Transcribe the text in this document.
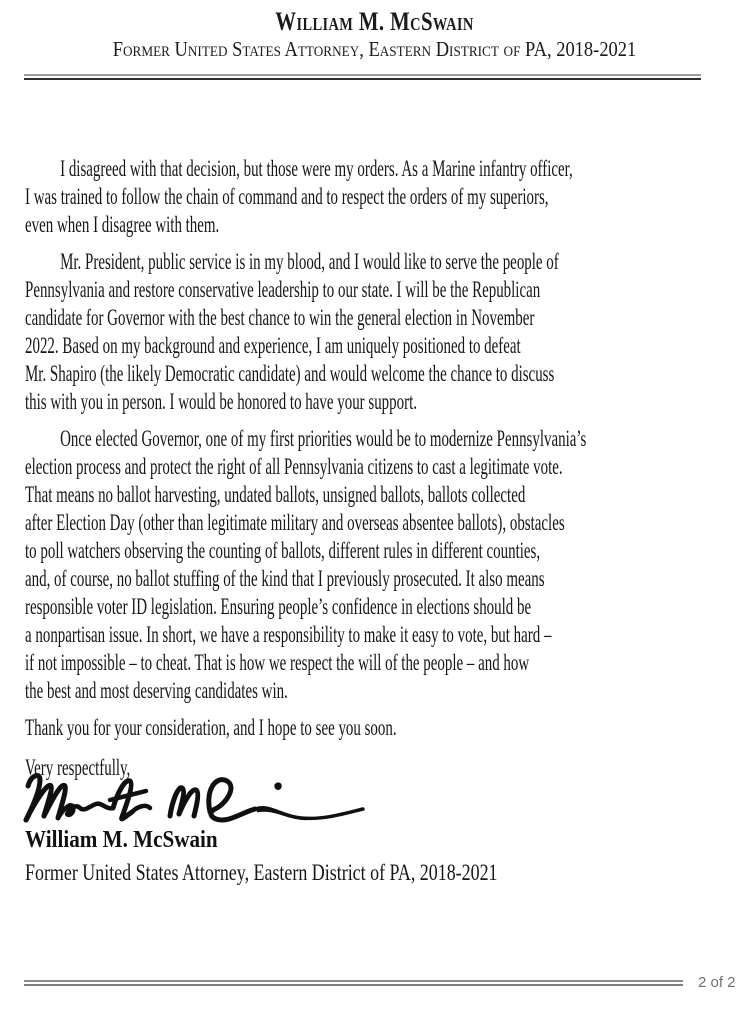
William M. McSwain
Former United States Attorney, Eastern District of PA, 2018-2021

I disagreed with that decision, but those were my orders. As a Marine infantry officer,
I was trained to follow the chain of command and to respect the orders of my superiors,
even when I disagree with them.

Mr. President, public service is in my blood, and I would like to serve the people of
Pennsylvania and restore conservative leadership to our state. I will be the Republican
candidate for Governor with the best chance to win the general election in November
2022. Based on my background and experience, I am uniquely positioned to defeat
Mr. Shapiro (the likely Democratic candidate) and would welcome the chance to discuss
this with you in person. I would be honored to have your support.

Once elected Governor, one of my first priorities would be to modernize Pennsylvania’s
election process and protect the right of all Pennsylvania citizens to cast a legitimate vote.
That means no ballot harvesting, undated ballots, unsigned ballots, ballots collected
after Election Day (other than legitimate military and overseas absentee ballots), obstacles
to poll watchers observing the counting of ballots, different rules in different counties,
and, of course, no ballot stuffing of the kind that I previously prosecuted. It also means
responsible voter ID legislation. Ensuring people’s confidence in elections should be
a nonpartisan issue. In short, we have a responsibility to make it easy to vote, but hard –
if not impossible – to cheat. That is how we respect the will of the people – and how
the best and most deserving candidates win.

Thank you for your consideration, and I hope to see you soon.

Very respectfully,

William M. McSwain
Former United States Attorney, Eastern District of PA, 2018-2021
2 of 2
